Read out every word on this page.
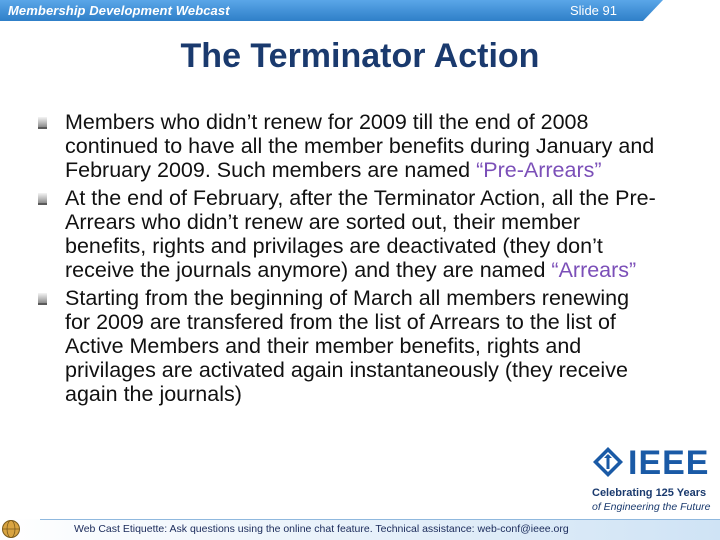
Membership Development Webcast	Slide 91
The Terminator Action
Members who didn’t renew for 2009 till the end of 2008 continued to have all the member benefits during January and February 2009. Such members are named “Pre-Arrears”
At the end of February, after the Terminator Action, all the Pre-Arrears who didn’t renew are sorted out, their member benefits, rights and privilages are deactivated (they don’t receive the journals anymore) and they are named “Arrears”
Starting from the beginning of March all members renewing for 2009 are transfered from the list of Arrears to the list of Active Members and their member benefits, rights and privilages are activated again instantaneously (they receive again the journals)
IEEE
Celebrating 125 Years
of Engineering the Future
Web Cast Etiquette: Ask questions using the online chat feature. Technical assistance: web-conf@ieee.org
